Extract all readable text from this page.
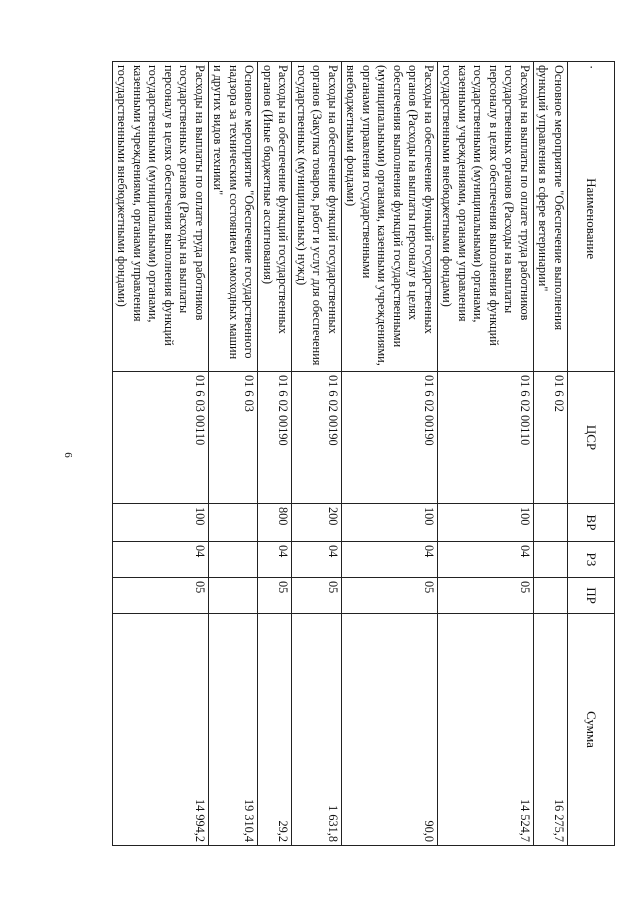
6
·
Наименование	ЦСР	ВР	РЗ	ПР	Сумма
Основное мероприятие "Обеспечение выполнения функций управления в сфере ветеринарии"	01 6 02				16 275,7
Расходы на выплаты по оплате труда работников государственных органов (Расходы на выплаты персоналу в целях обеспечения выполнения функций государственными (муниципальными) органами, казенными учреждениями, органами управления государственными внебюджетными фондами)	01 6 02 00110	100	04	05	14 524,7
Расходы на обеспечение функций государственных органов (Расходы на выплаты персоналу в целях обеспечения выполнения функций государственными (муниципальными) органами, казенными учреждениями, органами управления государственными внебюджетными фондами)	01 6 02 00190	100	04	05	90,0
Расходы на обеспечение функций государственных органов (Закупка товаров, работ и услуг для обеспечения государственных (муниципальных) нужд)	01 6 02 00190	200	04	05	1 631,8
Расходы на обеспечение функций государственных органов (Иные бюджетные ассигнования)	01 6 02 00190	800	04	05	29,2
Основное мероприятие "Обеспечение государственного надзора за техническим состоянием самоходных машин и других видов техники"	01 6 03				19 310,4
Расходы на выплаты по оплате труда работников государственных органов (Расходы на выплаты персоналу в целях обеспечения выполнения функций государственными (муниципальными) органами, казенными учреждениями, органами управления государственными внебюджетными фондами)	01 6 03 00110	100	04	05	14 994,2
